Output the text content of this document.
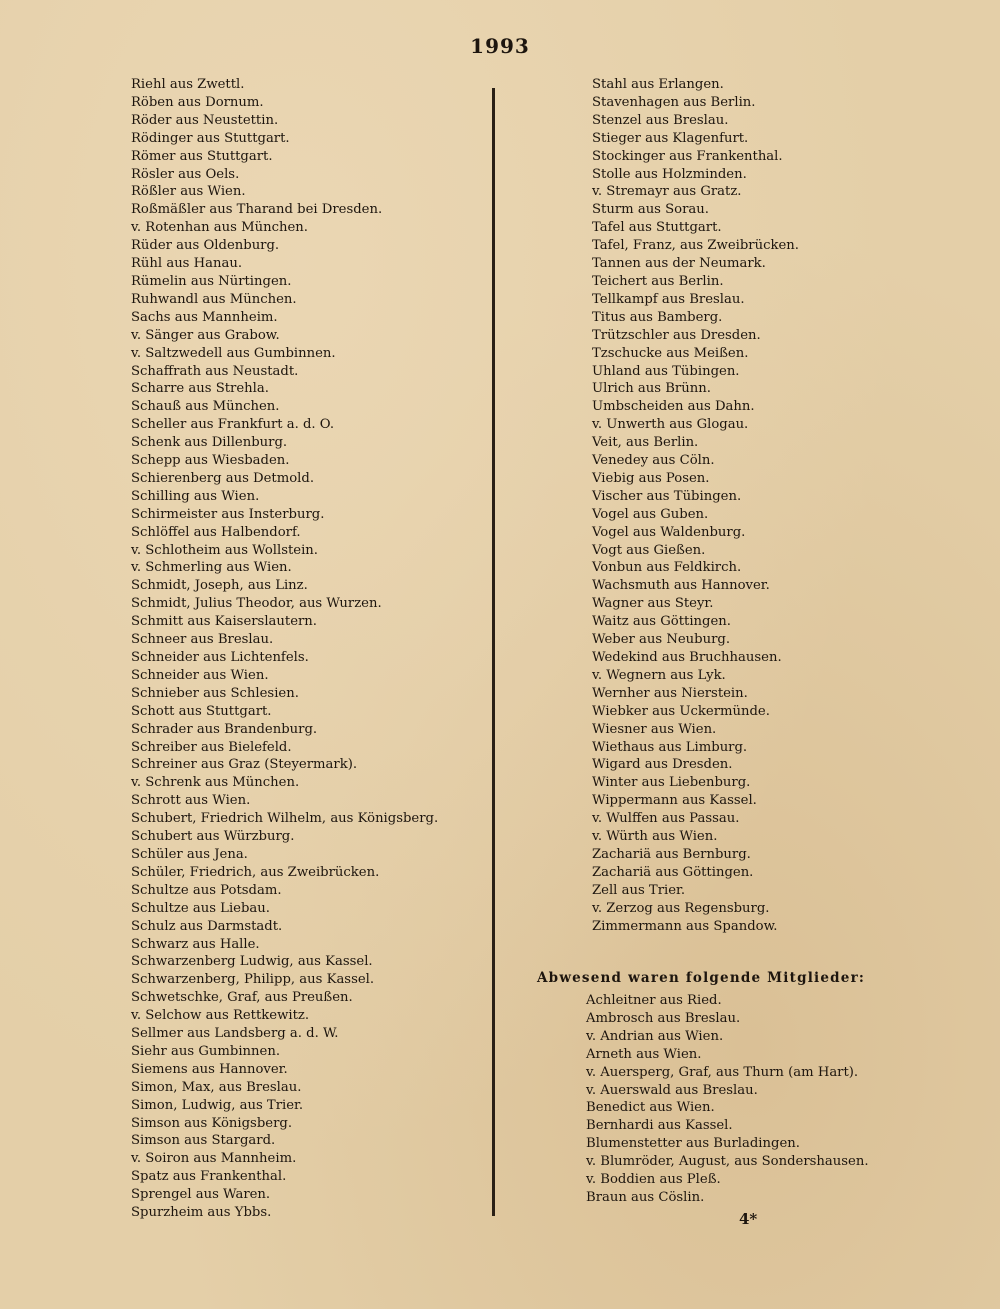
1993
Riehl aus Zwettl.
Röben aus Dornum.
Röder aus Neustettin.
Rödinger aus Stuttgart.
Römer aus Stuttgart.
Rösler aus Oels.
Rößler aus Wien.
Roßmäßler aus Tharand bei Dresden.
v. Rotenhan aus München.
Rüder aus Oldenburg.
Rühl aus Hanau.
Rümelin aus Nürtingen.
Ruhwandl aus München.
Sachs aus Mannheim.
v. Sänger aus Grabow.
v. Saltzwedell aus Gumbinnen.
Schaffrath aus Neustadt.
Scharre aus Strehla.
Schauß aus München.
Scheller aus Frankfurt a. d. O.
Schenk aus Dillenburg.
Schepp aus Wiesbaden.
Schierenberg aus Detmold.
Schilling aus Wien.
Schirmeister aus Insterburg.
Schlöffel aus Halbendorf.
v. Schlotheim aus Wollstein.
v. Schmerling aus Wien.
Schmidt, Joseph, aus Linz.
Schmidt, Julius Theodor, aus Wurzen.
Schmitt aus Kaiserslautern.
Schneer aus Breslau.
Schneider aus Lichtenfels.
Schneider aus Wien.
Schnieber aus Schlesien.
Schott aus Stuttgart.
Schrader aus Brandenburg.
Schreiber aus Bielefeld.
Schreiner aus Graz (Steyermark).
v. Schrenk aus München.
Schrott aus Wien.
Schubert, Friedrich Wilhelm, aus Königsberg.
Schubert aus Würzburg.
Schüler aus Jena.
Schüler, Friedrich, aus Zweibrücken.
Schultze aus Potsdam.
Schultze aus Liebau.
Schulz aus Darmstadt.
Schwarz aus Halle.
Schwarzenberg Ludwig, aus Kassel.
Schwarzenberg, Philipp, aus Kassel.
Schwetschke, Graf, aus Preußen.
v. Selchow aus Rettkewitz.
Sellmer aus Landsberg a. d. W.
Siehr aus Gumbinnen.
Siemens aus Hannover.
Simon, Max, aus Breslau.
Simon, Ludwig, aus Trier.
Simson aus Königsberg.
Simson aus Stargard.
v. Soiron aus Mannheim.
Spatz aus Frankenthal.
Sprengel aus Waren.
Spurzheim aus Ybbs.
Stahl aus Erlangen.
Stavenhagen aus Berlin.
Stenzel aus Breslau.
Stieger aus Klagenfurt.
Stockinger aus Frankenthal.
Stolle aus Holzminden.
v. Stremayr aus Gratz.
Sturm aus Sorau.
Tafel aus Stuttgart.
Tafel, Franz, aus Zweibrücken.
Tannen aus der Neumark.
Teichert aus Berlin.
Tellkampf aus Breslau.
Titus aus Bamberg.
Trützschler aus Dresden.
Tzschucke aus Meißen.
Uhland aus Tübingen.
Ulrich aus Brünn.
Umbscheiden aus Dahn.
v. Unwerth aus Glogau.
Veit, aus Berlin.
Venedey aus Cöln.
Viebig aus Posen.
Vischer aus Tübingen.
Vogel aus Guben.
Vogel aus Waldenburg.
Vogt aus Gießen.
Vonbun aus Feldkirch.
Wachsmuth aus Hannover.
Wagner aus Steyr.
Waitz aus Göttingen.
Weber aus Neuburg.
Wedekind aus Bruchhausen.
v. Wegnern aus Lyk.
Wernher aus Nierstein.
Wiebker aus Uckermünde.
Wiesner aus Wien.
Wiethaus aus Limburg.
Wigard aus Dresden.
Winter aus Liebenburg.
Wippermann aus Kassel.
v. Wulffen aus Passau.
v. Würth aus Wien.
Zachariä aus Bernburg.
Zachariä aus Göttingen.
Zell aus Trier.
v. Zerzog aus Regensburg.
Zimmermann aus Spandow.
Abwesend waren folgende Mitglieder:
Achleitner aus Ried.
Ambrosch aus Breslau.
v. Andrian aus Wien.
Arneth aus Wien.
v. Auersperg, Graf, aus Thurn (am Hart).
v. Auerswald aus Breslau.
Benedict aus Wien.
Bernhardi aus Kassel.
Blumenstetter aus Burladingen.
v. Blumröder, August, aus Sondershausen.
v. Boddien aus Pleß.
Braun aus Cöslin.
4*
